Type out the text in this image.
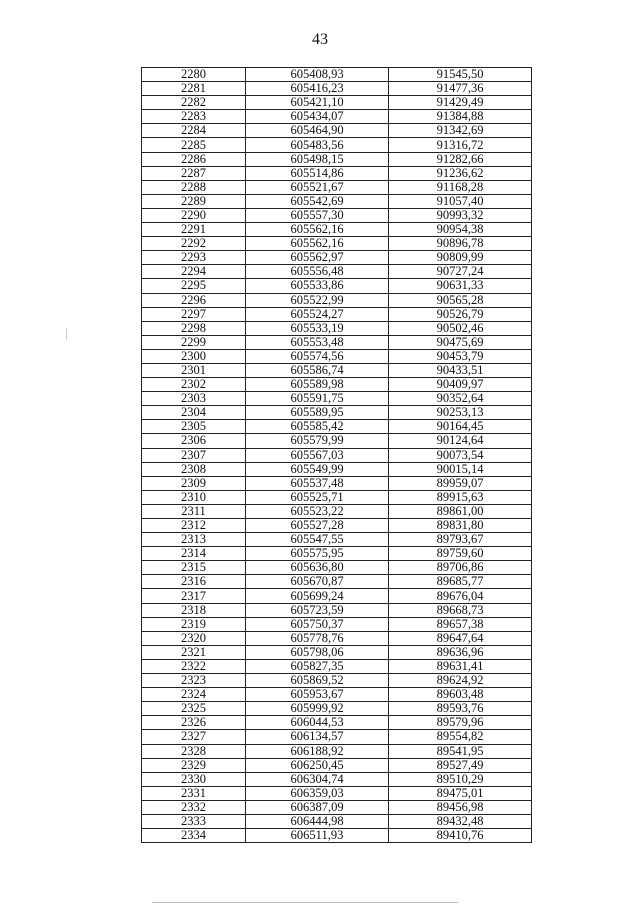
43
2280	605408,93	91545,50
2281	605416,23	91477,36
2282	605421,10	91429,49
2283	605434,07	91384,88
2284	605464,90	91342,69
2285	605483,56	91316,72
2286	605498,15	91282,66
2287	605514,86	91236,62
2288	605521,67	91168,28
2289	605542,69	91057,40
2290	605557,30	90993,32
2291	605562,16	90954,38
2292	605562,16	90896,78
2293	605562,97	90809,99
2294	605556,48	90727,24
2295	605533,86	90631,33
2296	605522,99	90565,28
2297	605524,27	90526,79
2298	605533,19	90502,46
2299	605553,48	90475,69
2300	605574,56	90453,79
2301	605586,74	90433,51
2302	605589,98	90409,97
2303	605591,75	90352,64
2304	605589,95	90253,13
2305	605585,42	90164,45
2306	605579,99	90124,64
2307	605567,03	90073,54
2308	605549,99	90015,14
2309	605537,48	89959,07
2310	605525,71	89915,63
2311	605523,22	89861,00
2312	605527,28	89831,80
2313	605547,55	89793,67
2314	605575,95	89759,60
2315	605636,80	89706,86
2316	605670,87	89685,77
2317	605699,24	89676,04
2318	605723,59	89668,73
2319	605750,37	89657,38
2320	605778,76	89647,64
2321	605798,06	89636,96
2322	605827,35	89631,41
2323	605869,52	89624,92
2324	605953,67	89603,48
2325	605999,92	89593,76
2326	606044,53	89579,96
2327	606134,57	89554,82
2328	606188,92	89541,95
2329	606250,45	89527,49
2330	606304,74	89510,29
2331	606359,03	89475,01
2332	606387,09	89456,98
2333	606444,98	89432,48
2334	606511,93	89410,76
